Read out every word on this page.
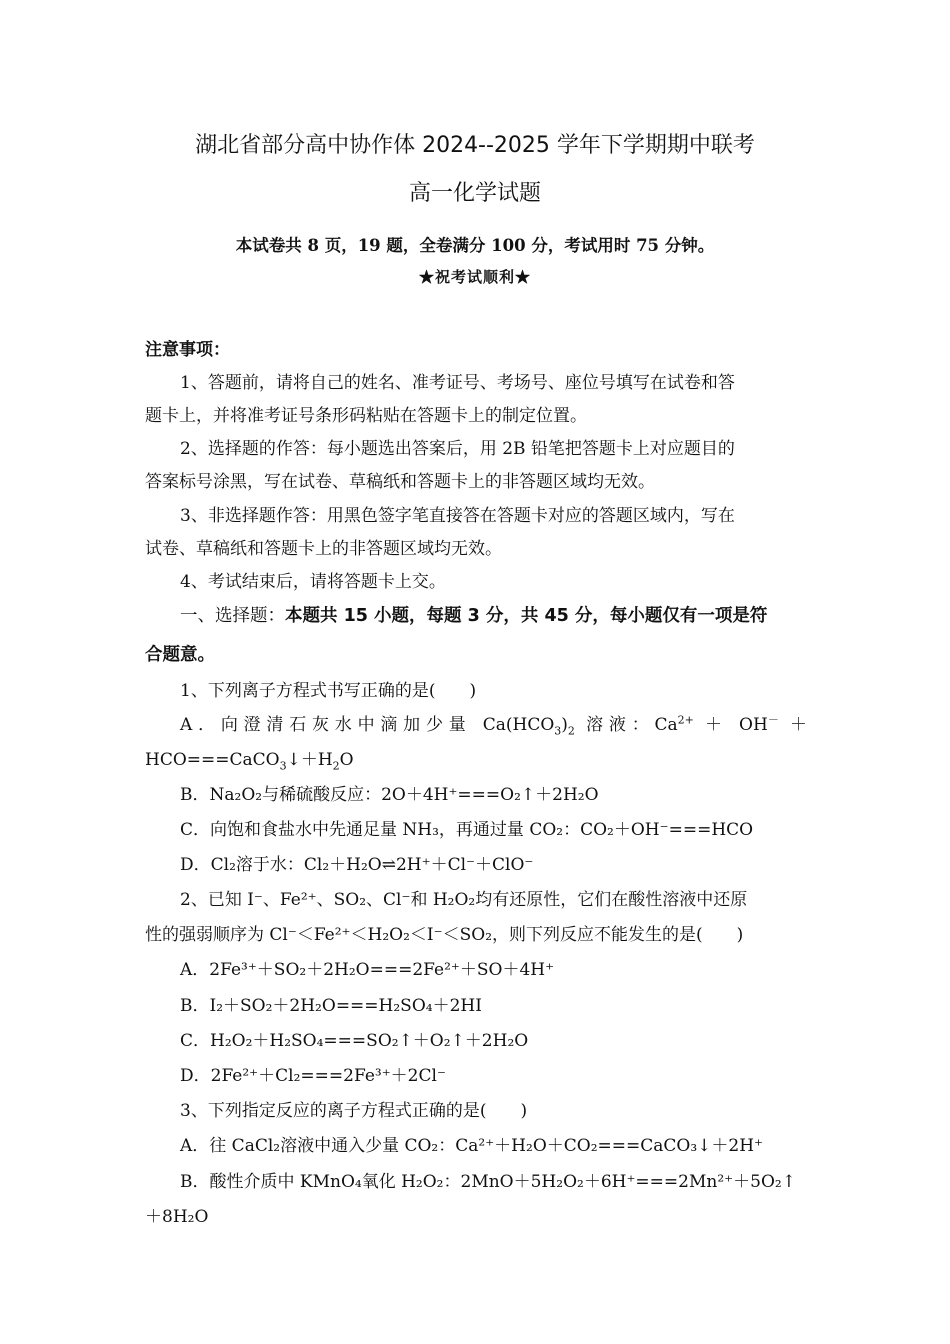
湖北省部分高中协作体 2024--2025 学年下学期期中联考
高一化学试题
本试卷共 8 页，19 题，全卷满分 100 分，考试用时 75 分钟。
★祝考试顺利★
注意事项：
1、答题前，请将自己的姓名、准考证号、考场号、座位号填写在试卷和答
题卡上，并将准考证号条形码粘贴在答题卡上的制定位置。
2、选择题的作答：每小题选出答案后，用 2B 铅笔把答题卡上对应题目的
答案标号涂黑，写在试卷、草稿纸和答题卡上的非答题区域均无效。
3、非选择题作答：用黑色签字笔直接答在答题卡对应的答题区域内，写在
试卷、草稿纸和答题卡上的非答题区域均无效。
4、考试结束后，请将答题卡上交。
一、选择题：本题共 15 小题，每题 3 分，共 45 分，每小题仅有一项是符
合题意。
1、下列离子方程式书写正确的是(　　)
A．向澄清石灰水中滴加少量 $Ca(HCO_3)_2$ 溶液：$Ca^{2+} + OH^-$ ＋
$HCO===CaCO_3↓+H_2O$
B．Na₂O₂与稀硫酸反应：2O＋4H⁺===O₂↑＋2H₂O
C．向饱和食盐水中先通足量 NH₃，再通过量 CO₂：CO₂＋OH⁻===HCO
D．Cl₂溶于水：Cl₂＋H₂O⇌2H⁺＋Cl⁻＋ClO⁻
2、已知 I⁻、Fe²⁺、SO₂、Cl⁻和 H₂O₂均有还原性，它们在酸性溶液中还原
性的强弱顺序为 Cl⁻＜Fe²⁺＜H₂O₂＜I⁻＜SO₂，则下列反应不能发生的是(　　)
A．2Fe³⁺＋SO₂＋2H₂O===2Fe²⁺＋SO＋4H⁺
B．I₂＋SO₂＋2H₂O===H₂SO₄＋2HI
C．H₂O₂＋H₂SO₄===SO₂↑＋O₂↑＋2H₂O
D．2Fe²⁺＋Cl₂===2Fe³⁺＋2Cl⁻
3、下列指定反应的离子方程式正确的是(　　)
A．往 CaCl₂溶液中通入少量 CO₂：Ca²⁺＋H₂O＋CO₂===CaCO₃↓＋2H⁺
B．酸性介质中 KMnO₄氧化 H₂O₂：2MnO＋5H₂O₂＋6H⁺===2Mn²⁺＋5O₂↑
＋8H₂O
